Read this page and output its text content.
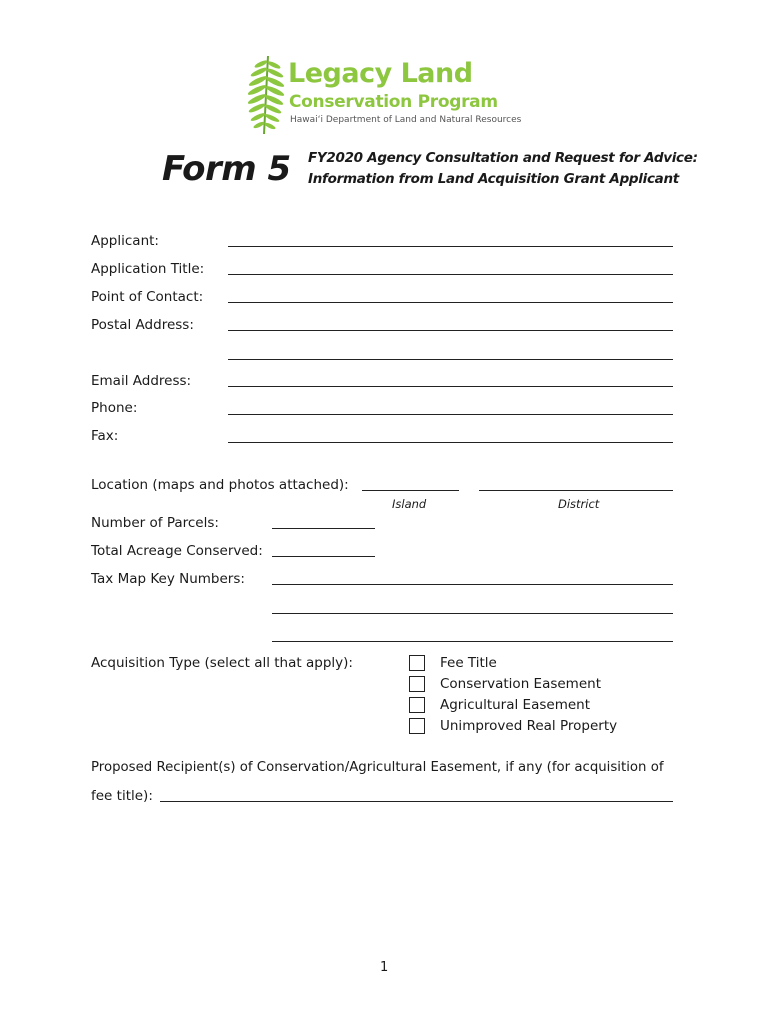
Legacy Land
Conservation Program
Hawai‘i Department of Land and Natural Resources
Form 5 FY2020 Agency Consultation and Request for Advice:
Information from Land Acquisition Grant Applicant
Applicant:
Application Title:
Point of Contact:
Postal Address:
Email Address:
Phone:
Fax:
Location (maps and photos attached):
Island	District
Number of Parcels:
Total Acreage Conserved:
Tax Map Key Numbers:
Acquisition Type (select all that apply):	Fee Title
Conservation Easement
Agricultural Easement
Unimproved Real Property
Proposed Recipient(s) of Conservation/Agricultural Easement, if any (for acquisition of
fee title):
1
